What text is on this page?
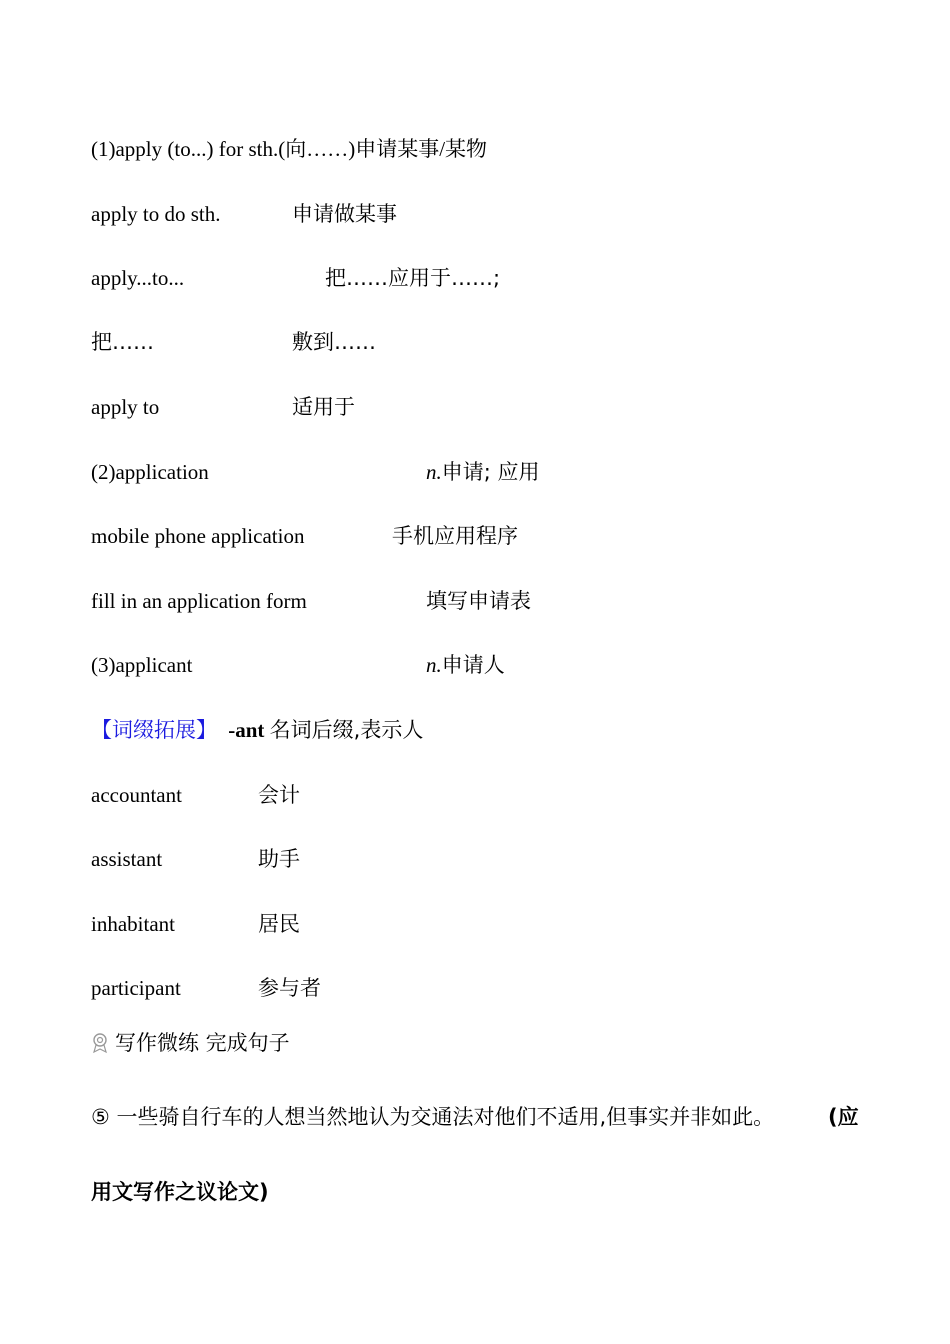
(1)apply (to...) for sth.(向……)申请某事/某物
apply to do sth.	申请做某事
apply...to...	把……应用于……;
把……	敷到……
apply to	适用于
(2)application	n.申请; 应用
mobile phone application	手机应用程序
fill in an application form	填写申请表
(3)applicant	n.申请人
【词缀拓展】 -ant 名词后缀,表示人
accountant	会计
assistant	助手
inhabitant	居民
participant	参与者
写作微练 完成句子
⑤ 一些骑自行车的人想当然地认为交通法对他们不适用,但事实并非如此。	(应
用文写作之议论文)
